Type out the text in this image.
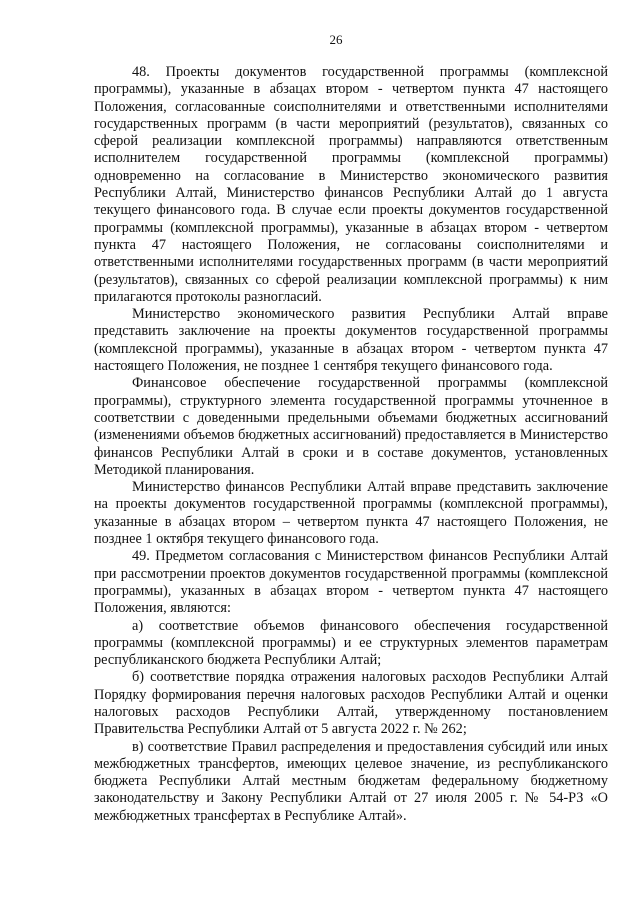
26

48. Проекты документов государственной программы (комплексной программы), указанные в абзацах втором - четвертом пункта 47 настоящего Положения, согласованные соисполнителями и ответственными исполнителями государственных программ (в части мероприятий (результатов), связанных со сферой реализации комплексной программы) направляются ответственным исполнителем государственной программы (комплексной программы) одновременно на согласование в Министерство экономического развития Республики Алтай, Министерство финансов Республики Алтай до 1 августа текущего финансового года. В случае если проекты документов государственной программы (комплексной программы), указанные в абзацах втором - четвертом пункта 47 настоящего Положения, не согласованы соисполнителями и ответственными исполнителями государственных программ (в части мероприятий (результатов), связанных со сферой реализации комплексной программы) к ним прилагаются протоколы разногласий.

Министерство экономического развития Республики Алтай вправе представить заключение на проекты документов государственной программы (комплексной программы), указанные в абзацах втором - четвертом пункта 47 настоящего Положения, не позднее 1 сентября текущего финансового года.

Финансовое обеспечение государственной программы (комплексной программы), структурного элемента государственной программы уточненное в соответствии с доведенными предельными объемами бюджетных ассигнований (изменениями объемов бюджетных ассигнований) предоставляется в Министерство финансов Республики Алтай в сроки и в составе документов, установленных Методикой планирования.

Министерство финансов Республики Алтай вправе представить заключение на проекты документов государственной программы (комплексной программы), указанные в абзацах втором – четвертом пункта 47 настоящего Положения, не позднее 1 октября текущего финансового года.

49. Предметом согласования с Министерством финансов Республики Алтай при рассмотрении проектов документов государственной программы (комплексной программы), указанных в абзацах втором - четвертом пункта 47 настоящего Положения, являются:

а) соответствие объемов финансового обеспечения государственной программы (комплексной программы) и ее структурных элементов параметрам республиканского бюджета Республики Алтай;

б) соответствие порядка отражения налоговых расходов Республики Алтай Порядку формирования перечня налоговых расходов Республики Алтай и оценки налоговых расходов Республики Алтай, утвержденному постановлением Правительства Республики Алтай от 5 августа 2022 г. № 262;

в) соответствие Правил распределения и предоставления субсидий или иных межбюджетных трансфертов, имеющих целевое значение, из республиканского бюджета Республики Алтай местным бюджетам федеральному бюджетному законодательству и Закону Республики Алтай от 27 июля 2005 г. № 54-РЗ «О межбюджетных трансфертах в Республике Алтай».
